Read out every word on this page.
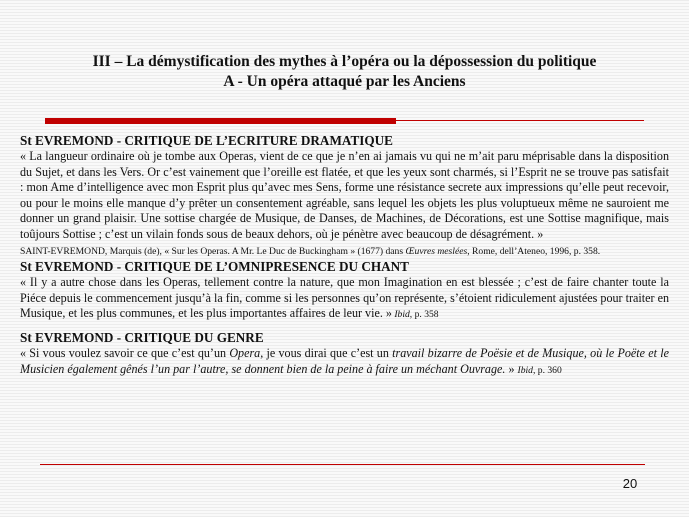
III – La démystification des mythes à l’opéra ou la dépossession du politique
A - Un opéra attaqué par les Anciens

St EVREMOND - CRITIQUE DE L’ECRITURE DRAMATIQUE

« La langueur ordinaire où je tombe aux Operas, vient de ce que je n’en ai jamais vu qui ne m’ait paru méprisable dans la disposition du Sujet, et dans les Vers. Or c’est vainement que l’oreille est flatée, et que les yeux sont charmés, si l’Esprit ne se trouve pas satisfait : mon Ame d’intelligence avec mon Esprit plus qu’avec mes Sens, forme une résistance secrete aux impressions qu’elle peut recevoir, ou pour le moins elle manque d’y prêter un consentement agréable, sans lequel les objets les plus voluptueux même ne sauroient me donner un grand plaisir. Une sottise chargée de Musique, de Danses, de Machines, de Décorations, est une Sottise magnifique, mais toûjours Sottise ; c’est un vilain fonds sous de beaux dehors, où je pénètre avec beaucoup de désagrément. »
SAINT-EVREMOND, Marquis (de), « Sur les Operas. A Mr. Le Duc de Buckingham » (1677) dans Œuvres meslées, Rome, dell’Ateneo, 1996, p. 358.

St EVREMOND - CRITIQUE DE L’OMNIPRESENCE DU CHANT

« Il y a autre chose dans les Operas, tellement contre la nature, que mon Imagination en est blessée ; c’est de faire chanter toute la Piéce depuis le commencement jusqu’à la fin, comme si les personnes qu’on représente, s’étoient ridiculement ajustées pour traiter en Musique, et les plus communes, et les plus importantes affaires de leur vie. » Ibid, p. 358

St EVREMOND - CRITIQUE DU GENRE

« Si vous voulez savoir ce que c’est qu’un Opera, je vous dirai que c’est un travail bizarre de Poësie et de Musique, où le Poëte et le Musicien également gênés l’un par l’autre, se donnent bien de la peine à faire un méchant Ouvrage. » Ibid, p. 360

20
